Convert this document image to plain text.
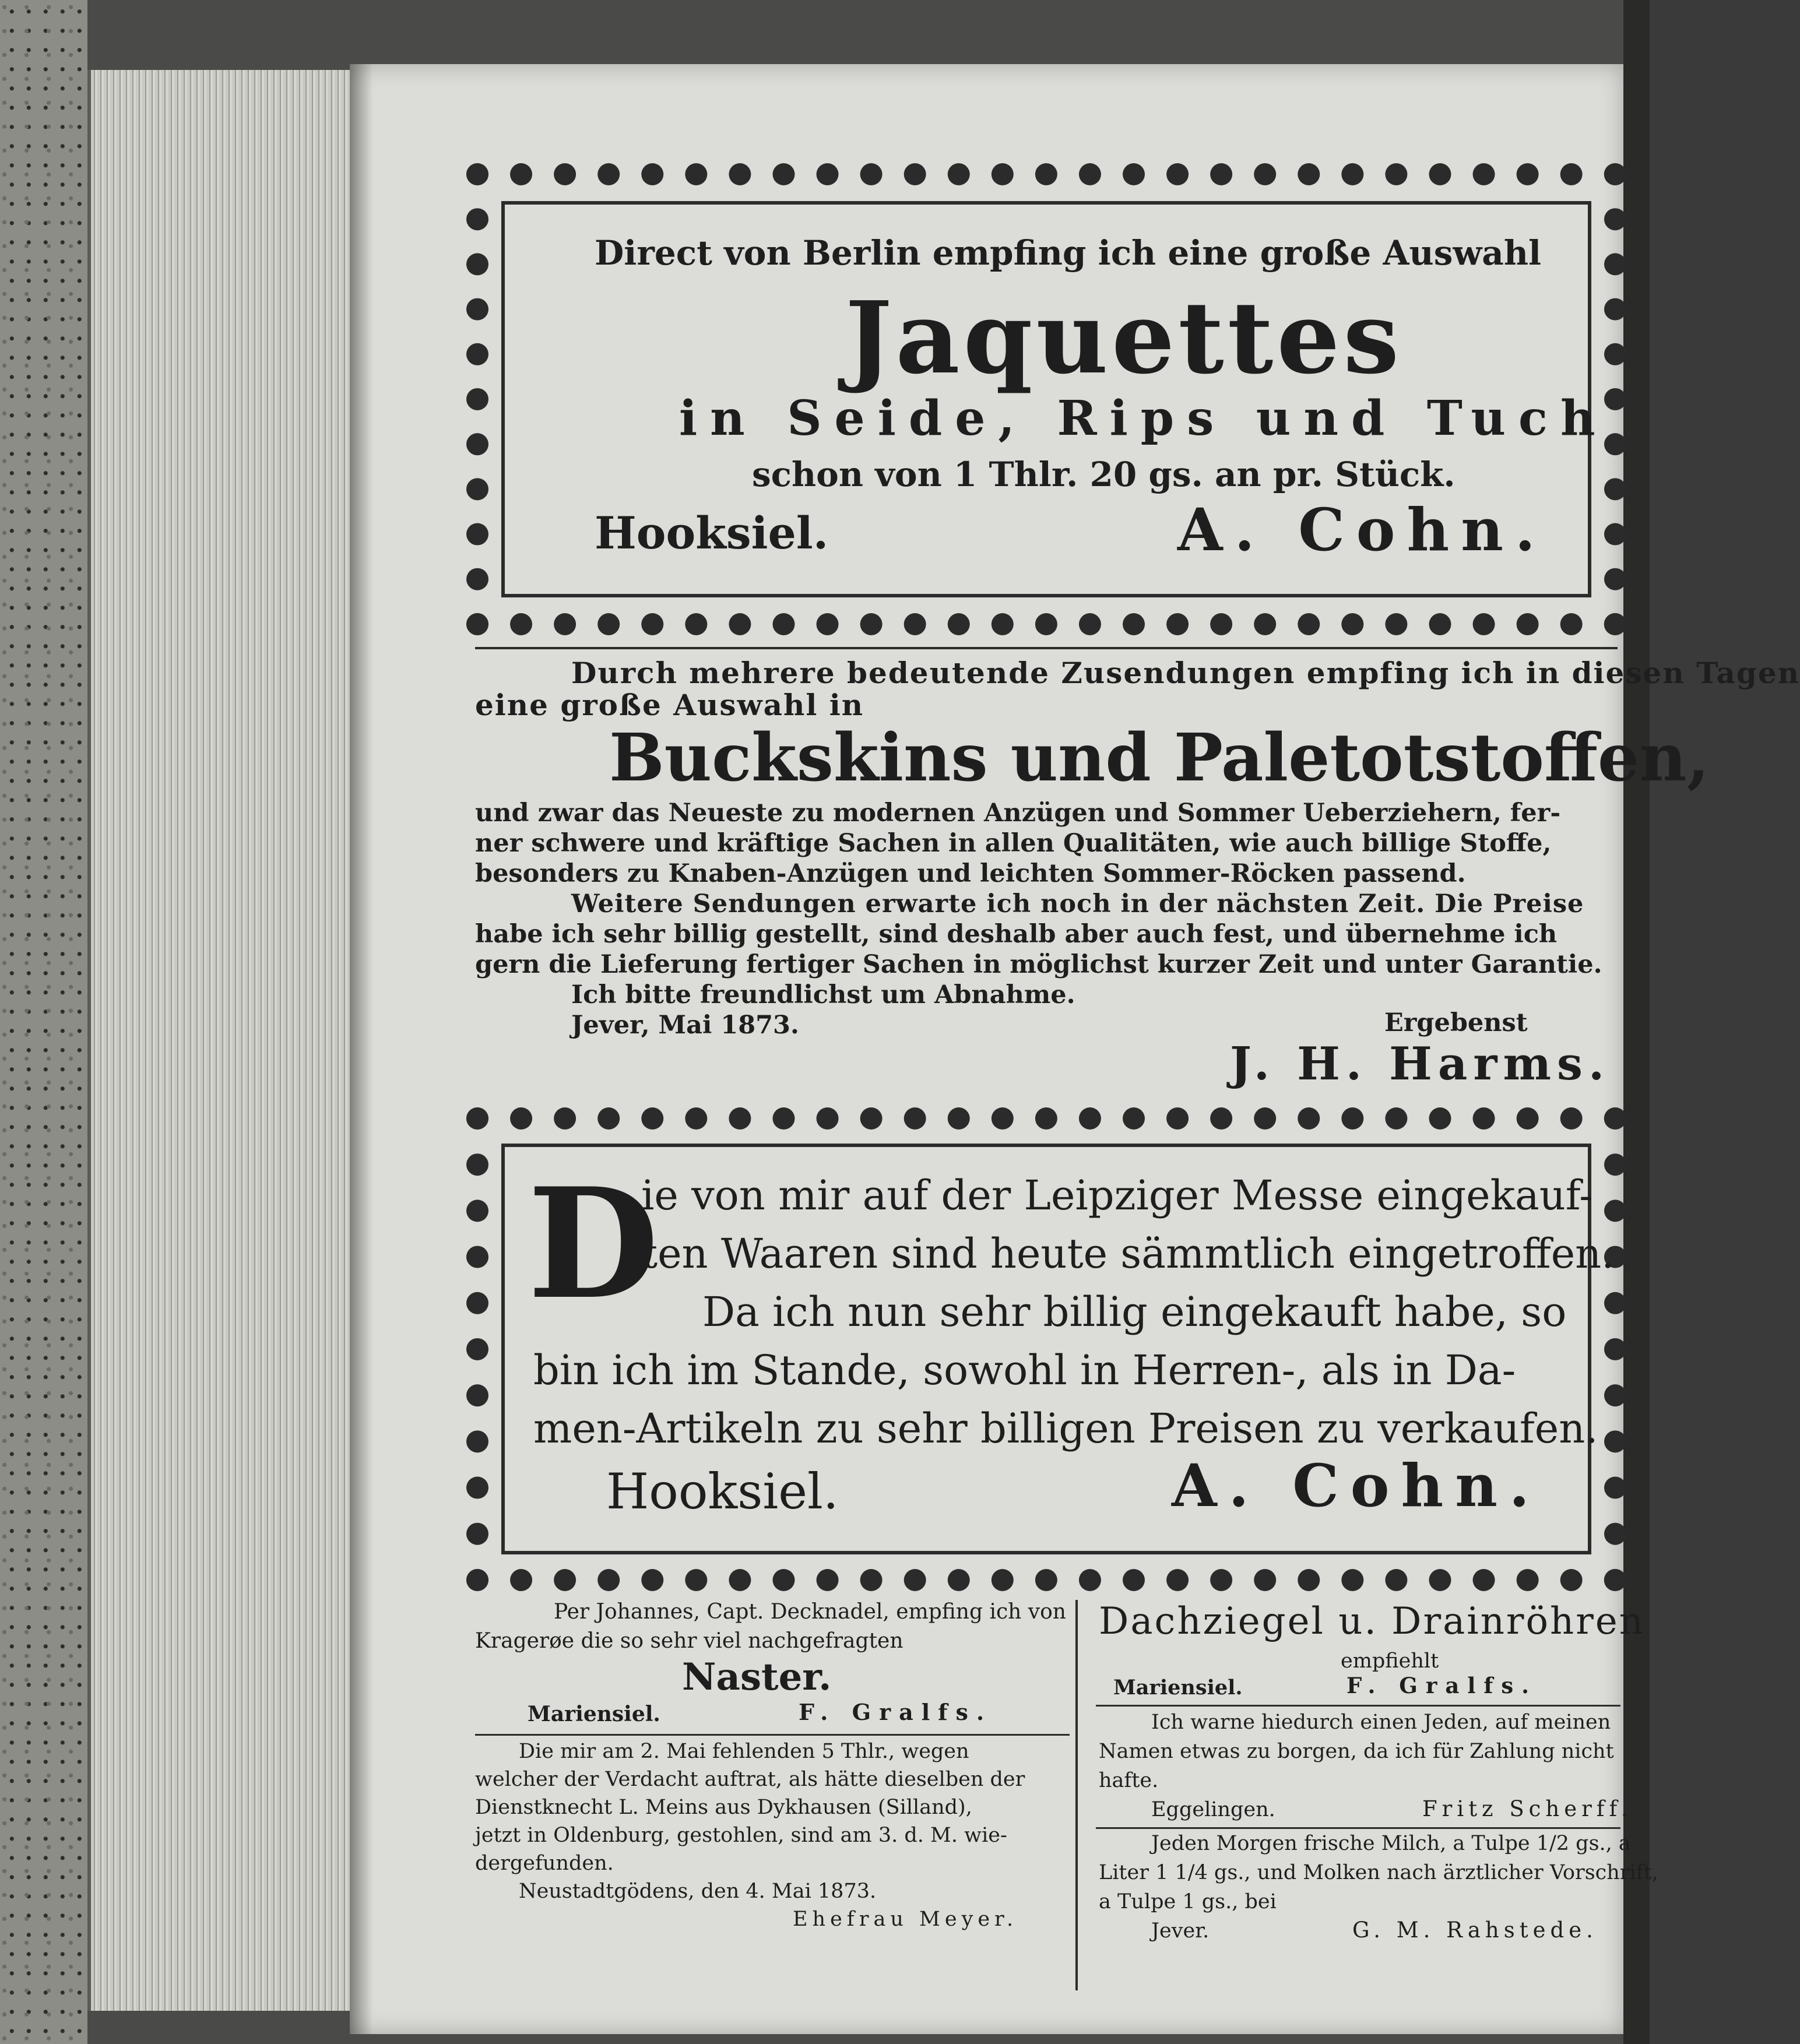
Direct von Berlin empfing ich eine große Auswahl
Jaquettes
in Seide, Rips und Tuch
schon von 1 Thlr. 20 gs. an pr. Stück.
Hooksiel.	A. Cohn.
Durch mehrere bedeutende Zusendungen empfing ich in diesen Tagen
eine große Auswahl in
Buckskins und Paletotstoffen,
und zwar das Neueste zu modernen Anzügen und Sommer Ueberziehern, fer-
ner schwere und kräftige Sachen in allen Qualitäten, wie auch billige Stoffe,
besonders zu Knaben-Anzügen und leichten Sommer-Röcken passend.
Weitere Sendungen erwarte ich noch in der nächsten Zeit. Die Preise
habe ich sehr billig gestellt, sind deshalb aber auch fest, und übernehme ich
gern die Lieferung fertiger Sachen in möglichst kurzer Zeit und unter Garantie.
Ich bitte freundlichst um Abnahme.
Jever, Mai 1873.	Ergebenst
J. H. Harms.
D
ie von mir auf der Leipziger Messe eingekauf-
ten Waaren sind heute sämmtlich eingetroffen.
Da ich nun sehr billig eingekauft habe, so
bin ich im Stande, sowohl in Herren-, als in Da-
men-Artikeln zu sehr billigen Preisen zu verkaufen.
Hooksiel.	A. Cohn.
Per Johannes, Capt. Decknadel, empfing ich von
Kragerøe die so sehr viel nachgefragten
Naster.
Mariensiel.	F. Gralfs.
Die mir am 2. Mai fehlenden 5 Thlr., wegen
welcher der Verdacht auftrat, als hätte dieselben der
Dienstknecht L. Meins aus Dykhausen (Silland),
jetzt in Oldenburg, gestohlen, sind am 3. d. M. wie-
dergefunden.
Neustadtgödens, den 4. Mai 1873.
Ehefrau Meyer.
Dachziegel u. Drainröhren
empfiehlt
Mariensiel.	F. Gralfs.
Ich warne hiedurch einen Jeden, auf meinen
Namen etwas zu borgen, da ich für Zahlung nicht
hafte.
Eggelingen.	Fritz Scherff.
Jeden Morgen frische Milch, a Tulpe 1/2 gs., a
Liter 1 1/4 gs., und Molken nach ärztlicher Vorschrift,
a Tulpe 1 gs., bei
Jever.	G. M. Rahstede.
